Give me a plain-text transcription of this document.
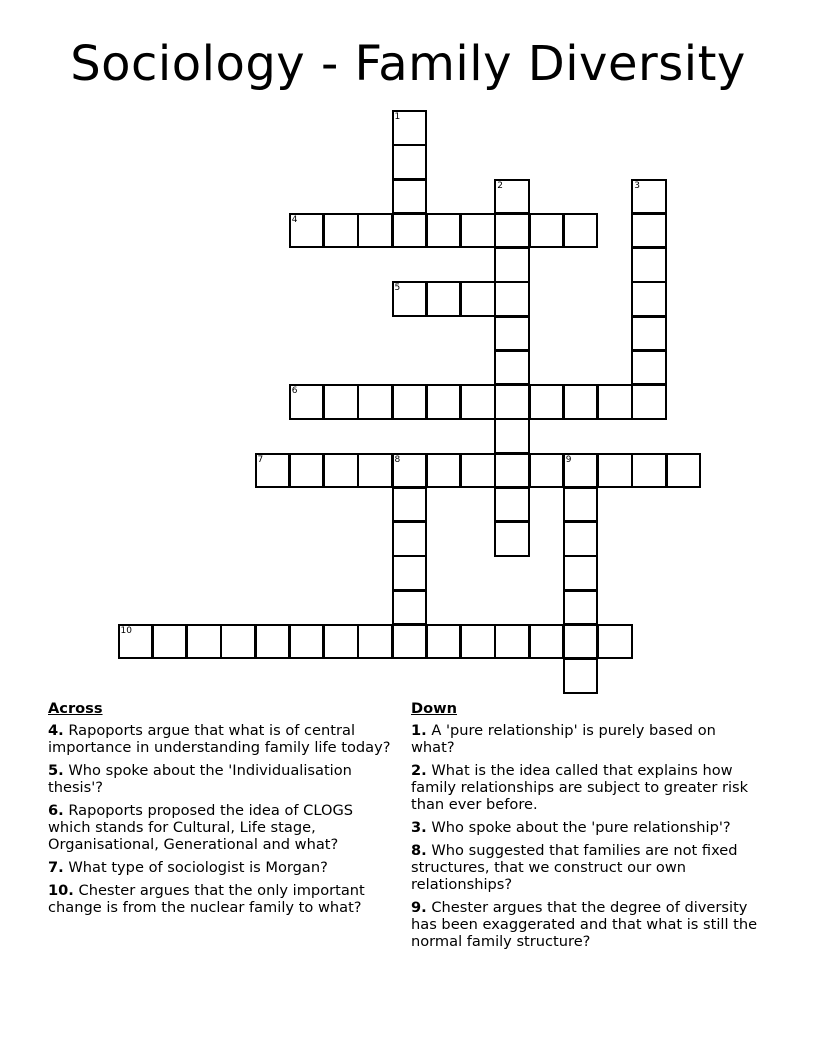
Sociology - Family Diversity
1
2	3
4
5
6
7	8	9
10
Across
4. Rapoports argue that what is of central importance in understanding family life today?
5. Who spoke about the 'Individualisation thesis'?
6. Rapoports proposed the idea of CLOGS which stands for Cultural, Life stage, Organisational, Generational and what?
7. What type of sociologist is Morgan?
10. Chester argues that the only important change is from the nuclear family to what?
Down
1. A 'pure relationship' is purely based on what?
2. What is the idea called that explains how family relationships are subject to greater risk than ever before.
3. Who spoke about the 'pure relationship'?
8. Who suggested that families are not fixed structures, that we construct our own relationships?
9. Chester argues that the degree of diversity has been exaggerated and that what is still the normal family structure?
